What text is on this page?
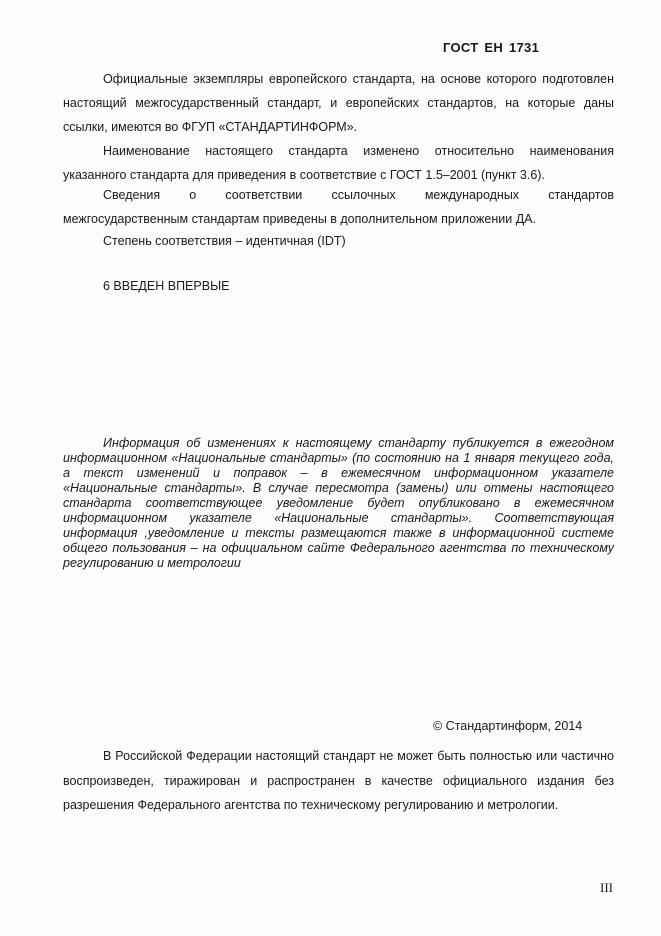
ГОСТ ЕН 1731

Официальные экземпляры европейского стандарта, на основе которого подготовлен настоящий межгосударственный стандарт, и европейских стандартов, на которые даны ссылки, имеются во ФГУП «СТАНДАРТИНФОРМ».

Наименование настоящего стандарта изменено относительно наименования указанного стандарта для приведения в соответствие с ГОСТ 1.5–2001 (пункт 3.6).

Сведения о соответствии ссылочных международных стандартов межгосударственным стандартам приведены в дополнительном приложении ДА.

Степень соответствия – идентичная (IDT)

6 ВВЕДЕН ВПЕРВЫЕ

Информация об изменениях к настоящему стандарту публикуется в ежегодном информационном «Национальные стандарты» (по состоянию на 1 января текущего года, а текст изменений и поправок – в ежемесячном информационном указателе «Национальные стандарты». В случае пересмотра (замены) или отмены настоящего стандарта соответствующее уведомление будет опубликовано в ежемесячном информационном указателе «Национальные стандарты». Соответствующая информация ,уведомление и тексты размещаются также в информационной системе общего пользования – на официальном сайте Федерального агентства по техническому регулированию и метрологии

© Стандартинформ, 2014

В Российской Федерации настоящий стандарт не может быть полностью или частично воспроизведен, тиражирован и распространен в качестве официального издания без разрешения Федерального агентства по техническому регулированию и метрологии.

III
